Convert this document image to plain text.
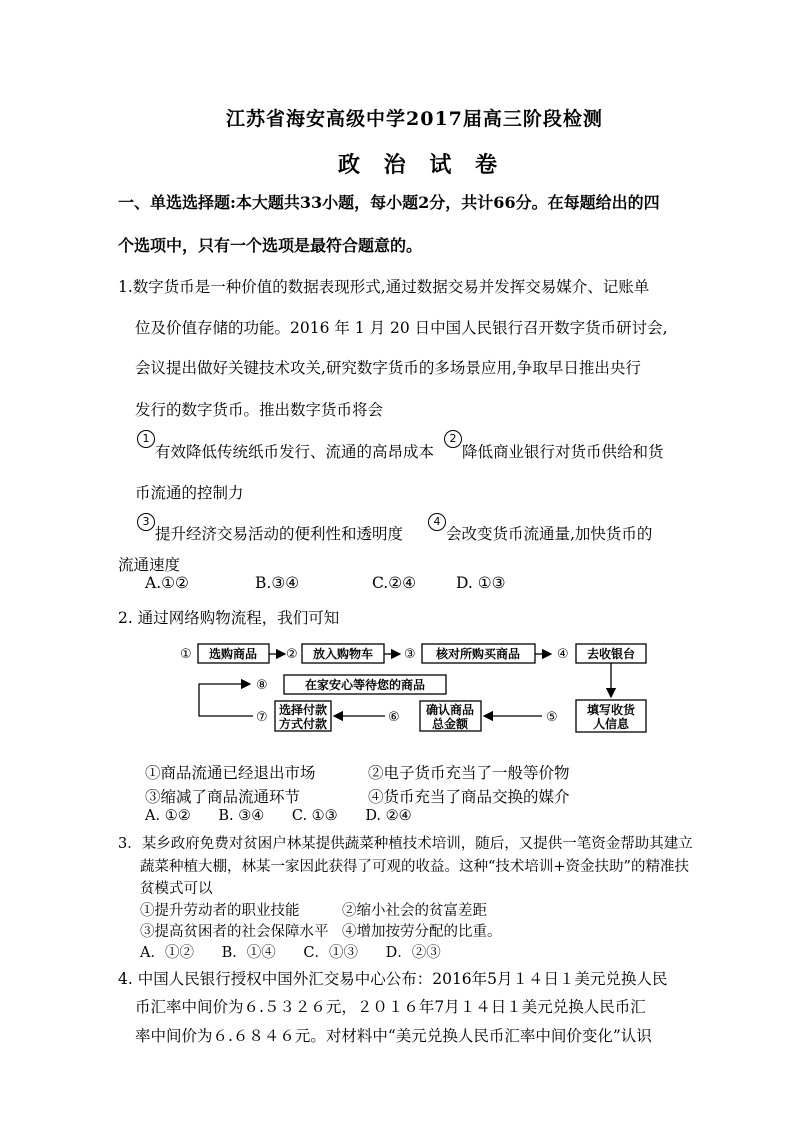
江苏省海安高级中学2017届高三阶段检测
政 治 试 卷
一、单选选择题:本大题共33小题，每小题2分，共计66分。在每题给出的四
个选项中，只有一个选项是最符合题意的。
1.数字货币是一种价值的数据表现形式,通过数据交易并发挥交易媒介、记账单
位及价值存储的功能。2016 年 1 月 20 日中国人民银行召开数字货币研讨会,
会议提出做好关键技术攻关,研究数字货币的多场景应用,争取早日推出央行
发行的数字货币。推出数字货币将会
1
有效降低传统纸币发行、流通的高昂成本
2
降低商业银行对货币供给和货
币流通的控制力
3
提升经济交易活动的便利性和透明度
4
会改变货币流通量,加快货币的
流通速度
A.①②	B.③④	C.②④	D. ①③
2. 通过网络购物流程，我们可知
① 选购商品 ② 放入购物车 ③ 核对所购买商品	④ 去收银台
填写收货
人信息
⑤
确认商品
总金额
⑥
选择付款
方式付款
⑦
⑧	在家安心等待您的商品
①商品流通已经退出市场	②电子货币充当了一般等价物
③缩减了商品流通环节	④货币充当了商品交换的媒介
A. ①②      B. ③④      C. ①③      D. ②④
3．某乡政府免费对贫困户林某提供蔬菜种植技术培训，随后，又提供一笔资金帮助其建立
蔬菜种植大棚，林某一家因此获得了可观的收益。这种“技术培训+资金扶助”的精准扶
贫模式可以
①提升劳动者的职业技能	②缩小社会的贫富差距
③提高贫困者的社会保障水平 ④增加按劳分配的比重。
A．①②      B．①④      C．①③      D．②③
4. 中国人民银行授权中国外汇交易中心公布：2016年5月１４日１美元兑换人民
币汇率中间价为６.５３２６元，２０１６年7月１４日１美元兑换人民币汇
率中间价为６.６８４６元。对材料中“美元兑换人民币汇率中间价变化”认识
